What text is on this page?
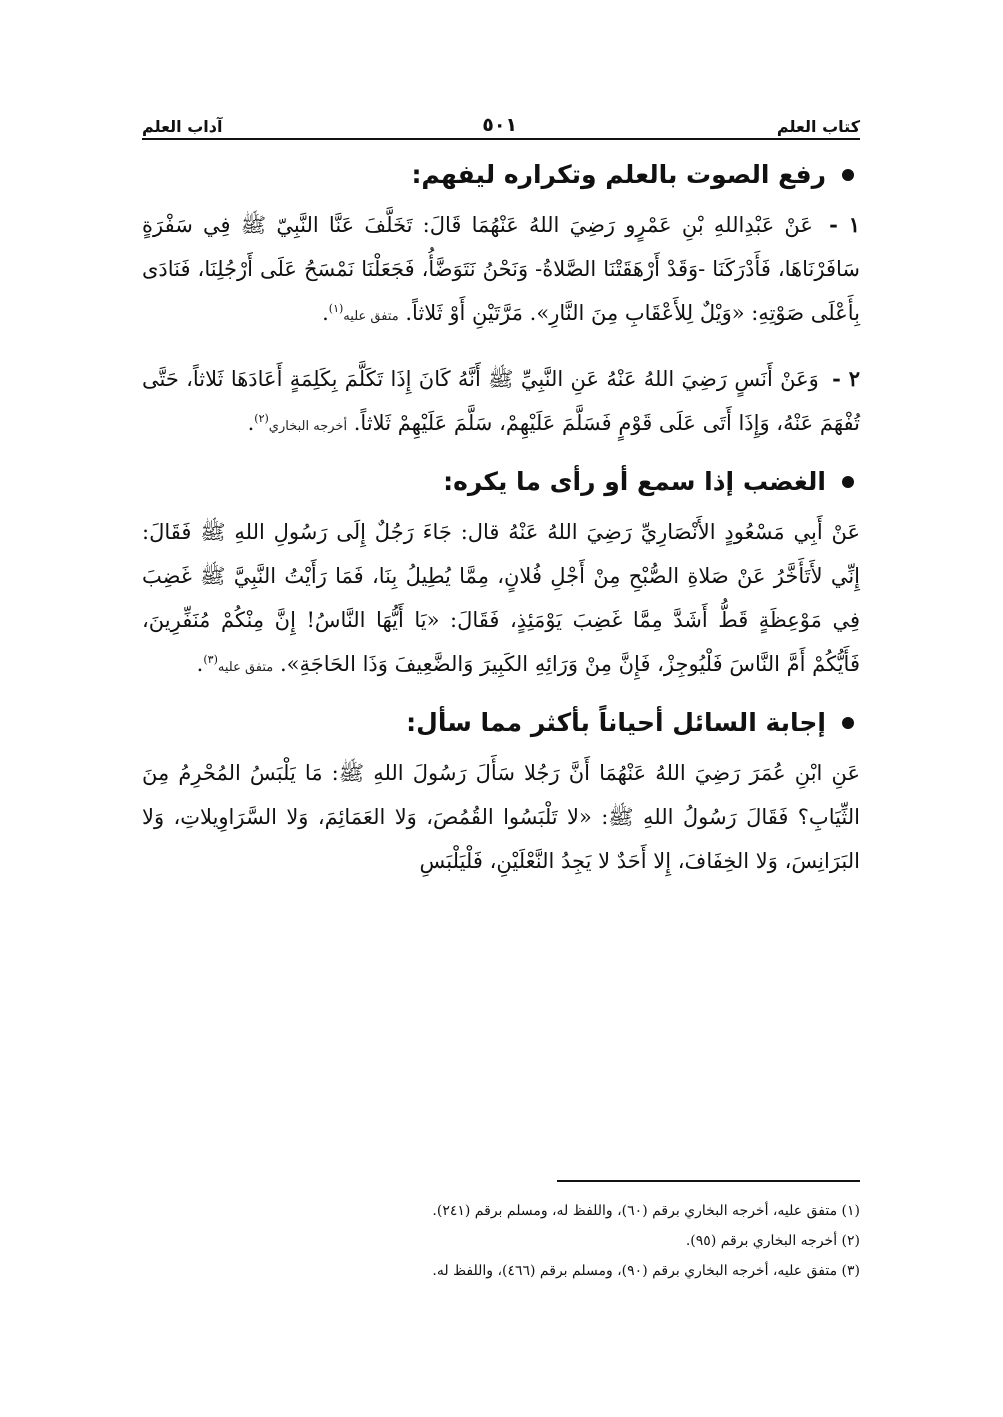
كتاب العلم
٥٠١
آداب العلم
رفع الصوت بالعلم وتكراره ليفهم:

١ - عَنْ عَبْدِاللهِ بْنِ عَمْرٍو رَضِيَ اللهُ عَنْهُمَا قَالَ: تَخَلَّفَ عَنَّا النَّبِيّ ﷺ فِي سَفْرَةٍ سَافَرْنَاهَا، فَأَدْرَكَنَا -وَقَدْ أَرْهَقَتْنَا الصَّلاةُ- وَنَحْنُ نَتَوَضَّأُ، فَجَعَلْنَا نَمْسَحُ عَلَى أَرْجُلِنَا، فَنَادَى بِأَعْلَى صَوْتِهِ: «وَيْلٌ لِلأَعْقَابِ مِنَ النَّارِ». مَرَّتَيْنِ أَوْ ثَلاثاً. متفق عليه$^{(١)}$.

٢ - وَعَنْ أَنَسٍ رَضِيَ اللهُ عَنْهُ عَنِ النَّبِيِّ ﷺ أَنَّهُ كَانَ إِذَا تَكَلَّمَ بِكَلِمَةٍ أَعَادَهَا ثَلاثاً، حَتَّى تُفْهَمَ عَنْهُ، وَإِذَا أَتَى عَلَى قَوْمٍ فَسَلَّمَ عَلَيْهِمْ، سَلَّمَ عَلَيْهِمْ ثَلاثاً. أخرجه البخاري$^{(٢)}$.

الغضب إذا سمع أو رأى ما يكره:

عَنْ أَبِي مَسْعُودٍ الأَنْصَارِيِّ رَضِيَ اللهُ عَنْهُ قال: جَاءَ رَجُلٌ إِلَى رَسُولِ اللهِ ﷺ فَقَالَ: إِنِّي لأَتَأَخَّرُ عَنْ صَلاةِ الصُّبْحِ مِنْ أَجْلِ فُلانٍ، مِمَّا يُطِيلُ بِنَا، فَمَا رَأَيْتُ النَّبِيَّ ﷺ غَضِبَ فِي مَوْعِظَةٍ قَطُّ أَشَدَّ مِمَّا غَضِبَ يَوْمَئِذٍ، فَقَالَ: «يَا أَيُّهَا النَّاسُ! إِنَّ مِنْكُمْ مُنَفِّرِينَ، فَأَيُّكُمْ أَمَّ النَّاسَ فَلْيُوجِزْ، فَإِنَّ مِنْ وَرَائِهِ الكَبِيرَ وَالضَّعِيفَ وَذَا الحَاجَةِ». متفق عليه$^{(٣)}$.

إجابة السائل أحياناً بأكثر مما سأل:

عَنِ ابْنِ عُمَرَ رَضِيَ اللهُ عَنْهُمَا أَنَّ رَجُلا سَأَلَ رَسُولَ اللهِ ﷺ: مَا يَلْبَسُ المُحْرِمُ مِنَ الثِّيَابِ؟ فَقَالَ رَسُولُ اللهِ ﷺ: «لا تَلْبَسُوا القُمُصَ، وَلا العَمَائِمَ، وَلا السَّرَاوِيلاتِ، وَلا البَرَانِسَ، وَلا الخِفَافَ، إِلا أَحَدٌ لا يَجِدُ النَّعْلَيْنِ، فَلْيَلْبَسِ

(١) متفق عليه، أخرجه البخاري برقم (٦٠)، واللفظ له، ومسلم برقم (٢٤١).

(٢) أخرجه البخاري برقم (٩٥).

(٣) متفق عليه، أخرجه البخاري برقم (٩٠)، ومسلم برقم (٤٦٦)، واللفظ له.
